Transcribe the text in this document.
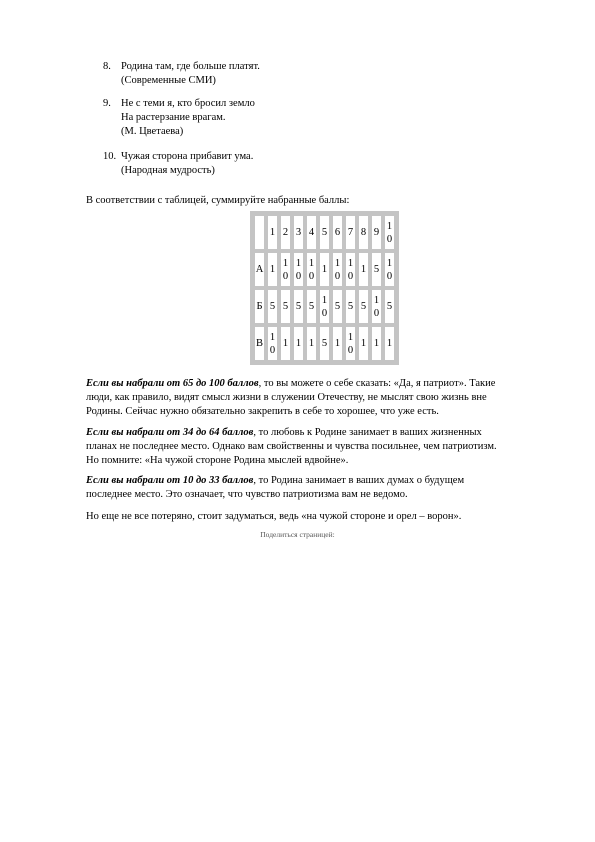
8. Родина там, где больше платят.
(Современные СМИ)
9. Не с теми я, кто бросил земло
На растерзание врагам.
(М. Цветаева)
10. Чужая сторона прибавит ума.
(Народная мудрость)
В соответствии с таблицей, суммируйте набранные баллы:

	1	2	3	4	5	6	7	8	9	1
0

А	1	1
0	1
0	1
0	1	1
0	1
0	1	5	1
0

Б	5	5	5	5	1
0	5	5	5	1
0	5

В	1
0	1	1	1	5	1	1
0	1	1	1
Если вы набрали от 65 до 100 баллов, то вы можете о себе сказать: «Да, я патриот». Такие
люди, как правило, видят смысл жизни в служении Отечеству, не мыслят свою жизнь вне
Родины. Сейчас нужно обязательно закрепить в себе то хорошее, что уже есть.
Если вы набрали от 34 до 64 баллов, то любовь к Родине занимает в ваших жизненных
планах не последнее место. Однако вам свойственны и чувства посильнее, чем патриотизм.
Но помните: «На чужой стороне Родина мыслей вдвойне».
Если вы набрали от 10 до 33 баллов, то Родина занимает в ваших думах о будущем
последнее место. Это означает, что чувство патриотизма вам не ведомо.
Но еще не все потеряно, стоит задуматься, ведь «на чужой стороне и орел – ворон».
Поделиться страницей:
